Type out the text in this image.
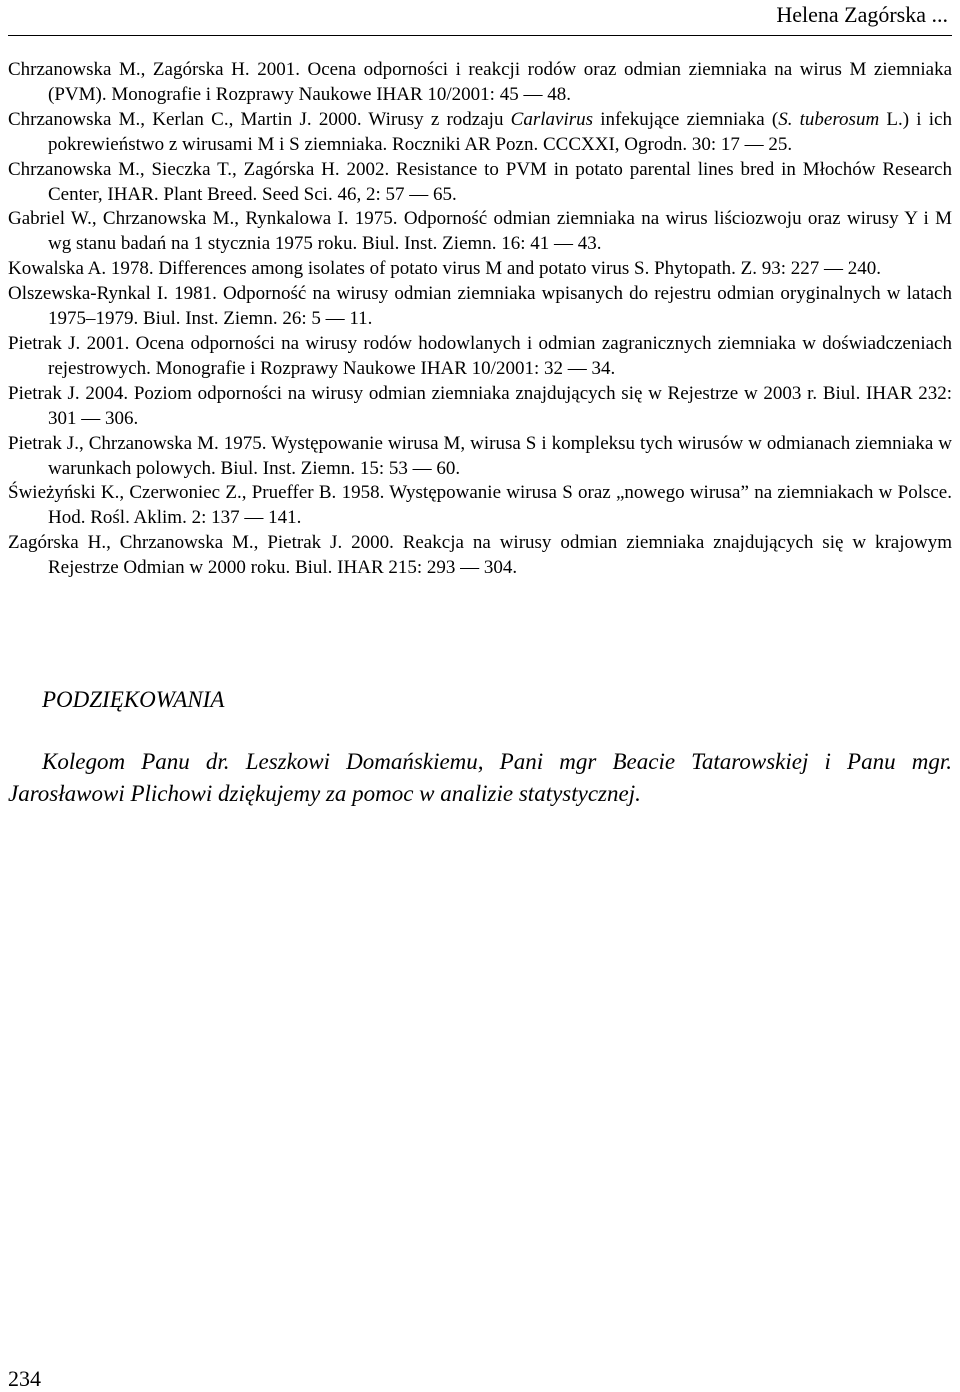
Helena Zagórska ...
Chrzanowska M., Zagórska H. 2001. Ocena odporności i reakcji rodów oraz odmian ziemniaka na wirus M ziemniaka (PVM). Monografie i Rozprawy Naukowe IHAR 10/2001: 45 — 48.
Chrzanowska M., Kerlan C., Martin J. 2000. Wirusy z rodzaju Carlavirus infekujące ziemniaka (S. tuberosum L.) i ich pokrewieństwo z wirusami M i S ziemniaka. Roczniki AR Pozn. CCCXXI, Ogrodn. 30: 17 — 25.
Chrzanowska M., Sieczka T., Zagórska H. 2002. Resistance to PVM in potato parental lines bred in Młochów Research Center, IHAR. Plant Breed. Seed Sci. 46, 2: 57 — 65.
Gabriel W., Chrzanowska M., Rynkalowa I. 1975. Odporność odmian ziemniaka na wirus liściozwoju oraz wirusy Y i M wg stanu badań na 1 stycznia 1975 roku. Biul. Inst. Ziemn. 16: 41 — 43.
Kowalska A. 1978. Differences among isolates of potato virus M and potato virus S. Phytopath. Z. 93: 227 — 240.
Olszewska-Rynkal I. 1981. Odporność na wirusy odmian ziemniaka wpisanych do rejestru odmian oryginalnych w latach 1975–1979. Biul. Inst. Ziemn. 26: 5 — 11.
Pietrak J. 2001. Ocena odporności na wirusy rodów hodowlanych i odmian zagranicznych ziemniaka w doświadczeniach rejestrowych. Monografie i Rozprawy Naukowe IHAR 10/2001: 32 — 34.
Pietrak J. 2004. Poziom odporności na wirusy odmian ziemniaka znajdujących się w Rejestrze w 2003 r. Biul. IHAR 232: 301 — 306.
Pietrak J., Chrzanowska M. 1975. Występowanie wirusa M, wirusa S i kompleksu tych wirusów w odmianach ziemniaka w warunkach polowych. Biul. Inst. Ziemn. 15: 53 — 60.
Świeżyński K., Czerwoniec Z., Prueffer B. 1958. Występowanie wirusa S oraz „nowego wirusa” na ziemniakach w Polsce. Hod. Rośl. Aklim. 2: 137 — 141.
Zagórska H., Chrzanowska M., Pietrak J. 2000. Reakcja na wirusy odmian ziemniaka znajdujących się w krajowym Rejestrze Odmian w 2000 roku. Biul. IHAR 215: 293 — 304.
PODZIĘKOWANIA

Kolegom Panu dr. Leszkowi Domańskiemu, Pani mgr Beacie Tatarowskiej i Panu mgr. Jarosławowi Plichowi dziękujemy za pomoc w analizie statystycznej.

234
